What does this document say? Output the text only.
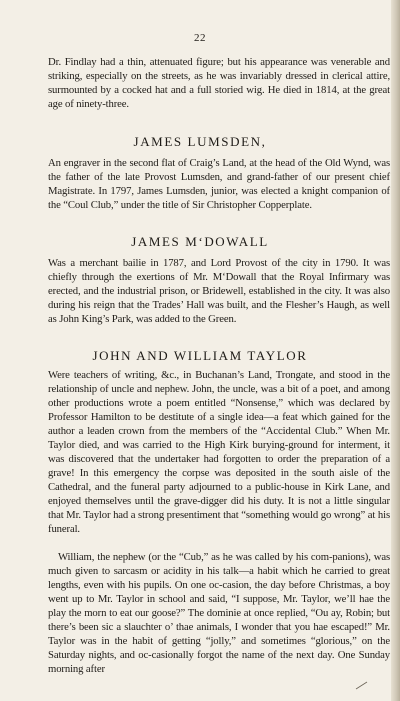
22

Dr. Findlay had a thin, attenuated figure; but his appearance was venerable and striking, especially on the streets, as he was invariably dressed in clerical attire, surmounted by a cocked hat and a full storied wig. He died in 1814, at the great age of ninety-three.

JAMES LUMSDEN,

An engraver in the second flat of Craig’s Land, at the head of the Old Wynd, was the father of the late Provost Lumsden, and grand-father of our present chief Magistrate. In 1797, James Lumsden, junior, was elected a knight companion of the “Coul Club,” under the title of Sir Christopher Copperplate.

JAMES M‘DOWALL

Was a merchant bailie in 1787, and Lord Provost of the city in 1790. It was chiefly through the exertions of Mr. M‘Dowall that the Royal Infirmary was erected, and the industrial prison, or Bridewell, established in the city. It was also during his reign that the Trades’ Hall was built, and the Flesher’s Haugh, as well as John King’s Park, was added to the Green.

JOHN AND WILLIAM TAYLOR

Were teachers of writing, &c., in Buchanan’s Land, Trongate, and stood in the relationship of uncle and nephew. John, the uncle, was a bit of a poet, and among other productions wrote a poem entitled “Nonsense,” which was declared by Professor Hamilton to be destitute of a single idea—a feat which gained for the author a leaden crown from the members of the “Accidental Club.” When Mr. Taylor died, and was carried to the High Kirk burying-ground for interment, it was discovered that the undertaker had forgotten to order the preparation of a grave! In this emergency the corpse was deposited in the south aisle of the Cathedral, and the funeral party adjourned to a public-house in Kirk Lane, and enjoyed themselves until the grave-digger did his duty. It is not a little singular that Mr. Taylor had a strong presentiment that “something would go wrong” at his funeral.

William, the nephew (or the “Cub,” as he was called by his com-panions), was much given to sarcasm or acidity in his talk—a habit which he carried to great lengths, even with his pupils. On one oc-casion, the day before Christmas, a boy went up to Mr. Taylor in school and said, “I suppose, Mr. Taylor, we’ll hae the play the morn to eat our goose?” The dominie at once replied, “Ou ay, Robin; but there’s been sic a slauchter o’ thae animals, I wonder that you hae escaped!” Mr. Taylor was in the habit of getting “jolly,” and sometimes “glorious,” on the Saturday nights, and oc-casionally forgot the name of the next day. One Sunday morning after
